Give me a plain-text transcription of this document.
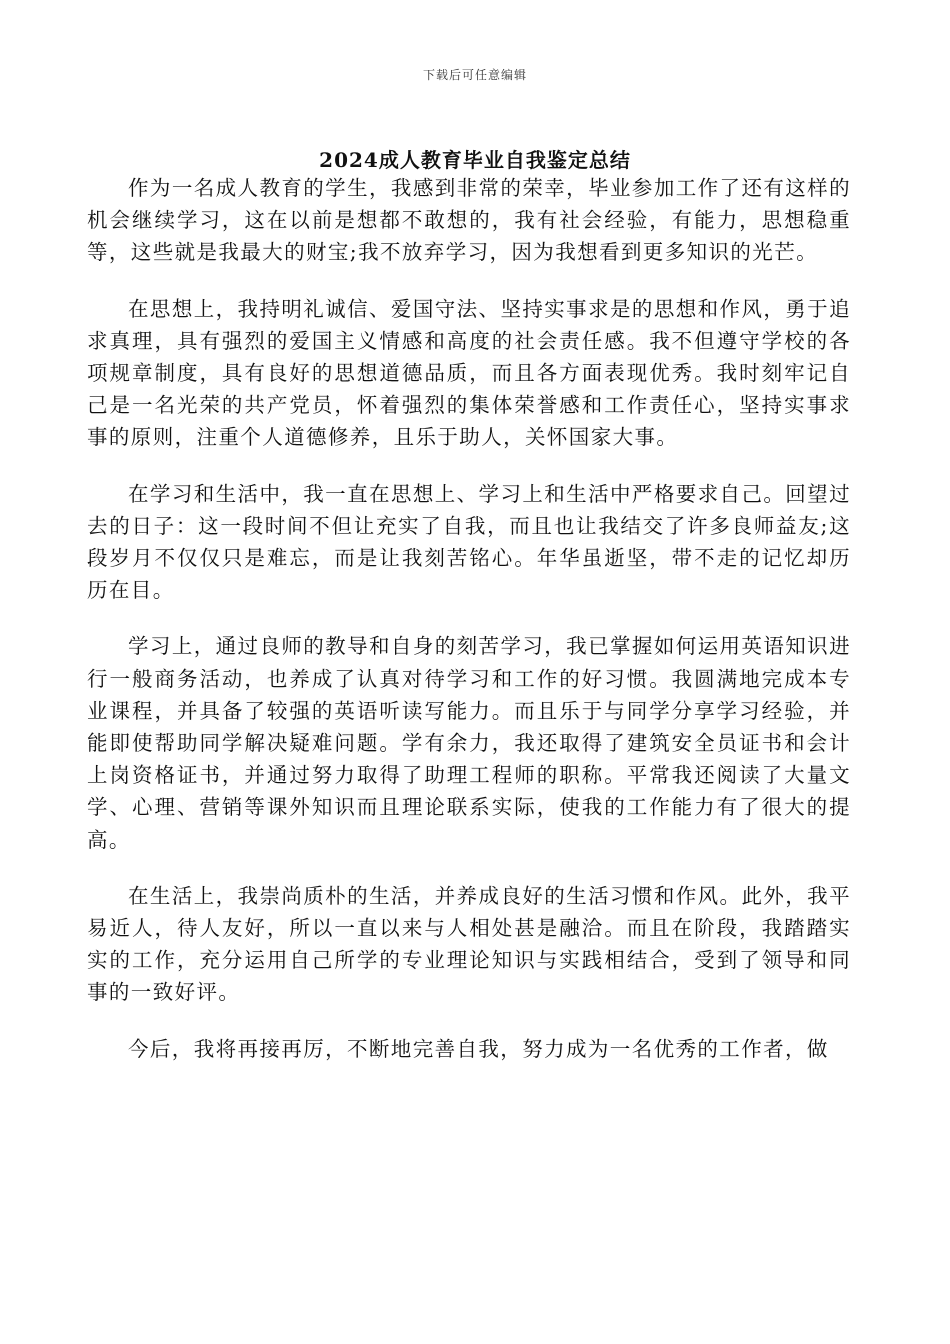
下载后可任意编辑
2024成人教育毕业自我鉴定总结

作为一名成人教育的学生，我感到非常的荣幸，毕业参加工作了还有这样的机会继续学习，这在以前是想都不敢想的，我有社会经验，有能力，思想稳重等，这些就是我最大的财宝;我不放弃学习，因为我想看到更多知识的光芒。

在思想上，我持明礼诚信、爱国守法、坚持实事求是的思想和作风，勇于追求真理，具有强烈的爱国主义情感和高度的社会责任感。我不但遵守学校的各项规章制度，具有良好的思想道德品质，而且各方面表现优秀。我时刻牢记自己是一名光荣的共产党员，怀着强烈的集体荣誉感和工作责任心，坚持实事求事的原则，注重个人道德修养，且乐于助人，关怀国家大事。

在学习和生活中，我一直在思想上、学习上和生活中严格要求自己。回望过去的日子：这一段时间不但让充实了自我，而且也让我结交了许多良师益友;这段岁月不仅仅只是难忘，而是让我刻苦铭心。年华虽逝坚，带不走的记忆却历历在目。

学习上，通过良师的教导和自身的刻苦学习，我已掌握如何运用英语知识进行一般商务活动，也养成了认真对待学习和工作的好习惯。我圆满地完成本专业课程，并具备了较强的英语听读写能力。而且乐于与同学分享学习经验，并能即使帮助同学解决疑难问题。学有余力，我还取得了建筑安全员证书和会计上岗资格证书，并通过努力取得了助理工程师的职称。平常我还阅读了大量文学、心理、营销等课外知识而且理论联系实际，使我的工作能力有了很大的提高。

在生活上，我崇尚质朴的生活，并养成良好的生活习惯和作风。此外，我平易近人，待人友好，所以一直以来与人相处甚是融洽。而且在阶段，我踏踏实实的工作，充分运用自己所学的专业理论知识与实践相结合，受到了领导和同事的一致好评。

今后，我将再接再厉，不断地完善自我，努力成为一名优秀的工作者，做
